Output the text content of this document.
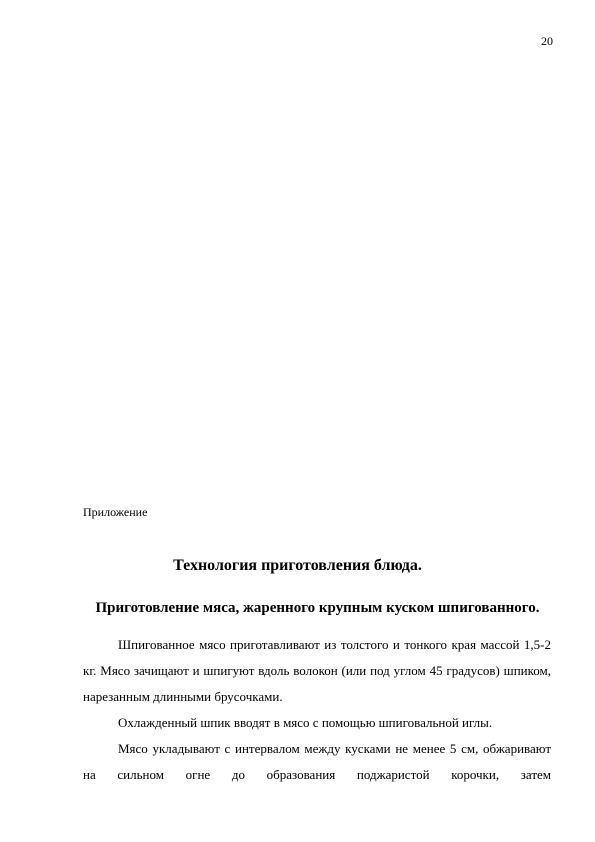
20
Приложение
Технология приготовления блюда.
Приготовление мяса, жаренного крупным куском шпигованного.

Шпигованное мясо приготавливают из толстого и тонкого края массой 1,5-2 кг. Мясо зачищают и шпигуют вдоль волокон (или под углом 45 градусов) шпиком, нарезанным длинными брусочками.

Охлажденный шпик вводят в мясо с помощью шпиговальной иглы.

Мясо укладывают с интервалом между кусками не менее 5 см, обжаривают на сильном огне до образования поджаристой корочки, затем
